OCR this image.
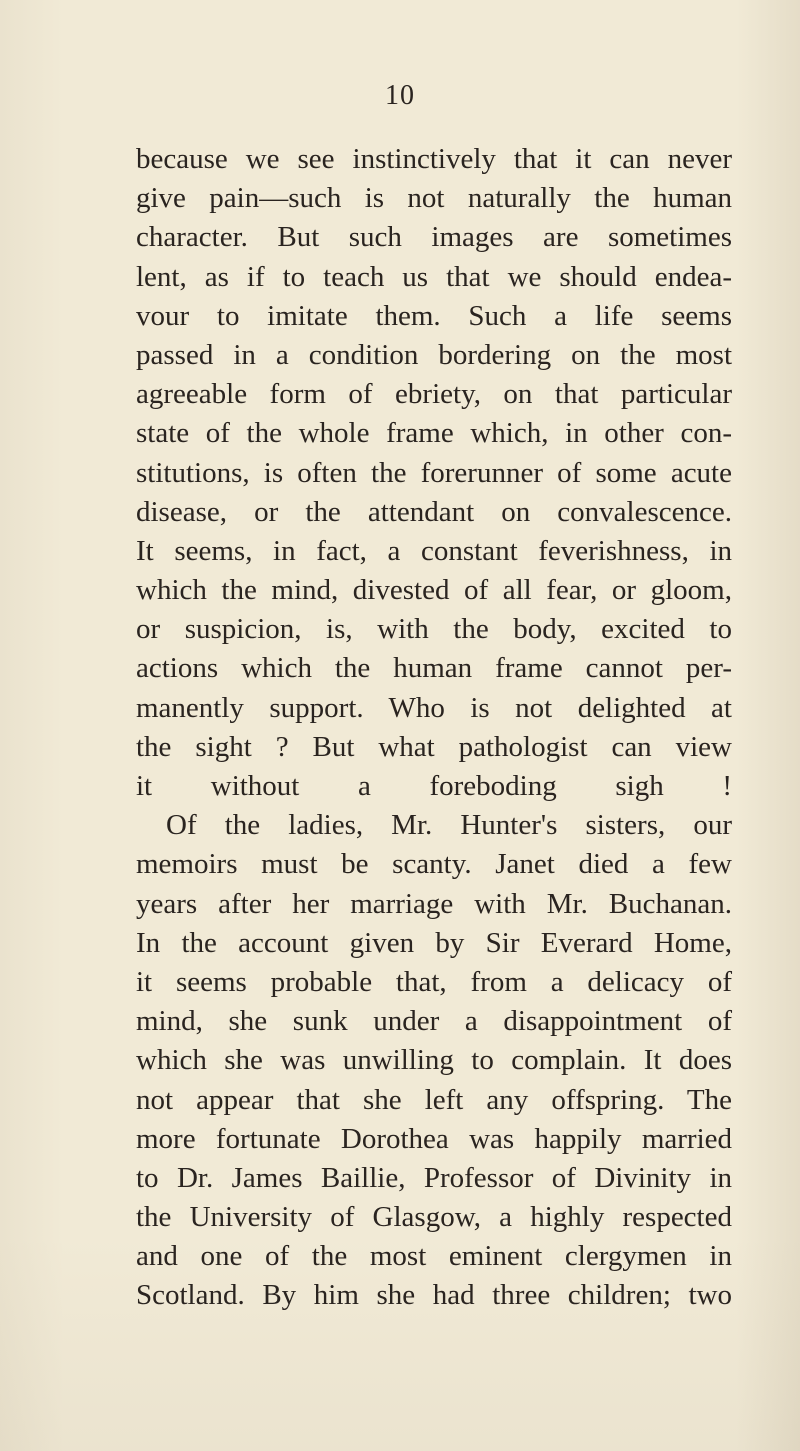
10
because we see instinctively that it can never
give pain—such is not naturally the human
character. But such images are sometimes
lent, as if to teach us that we should endea-
vour to imitate them. Such a life seems
passed in a condition bordering on the most
agreeable form of ebriety, on that particular
state of the whole frame which, in other con-
stitutions, is often the forerunner of some acute
disease, or the attendant on convalescence.
It seems, in fact, a constant feverishness, in
which the mind, divested of all fear, or gloom,
or suspicion, is, with the body, excited to
actions which the human frame cannot per-
manently support. Who is not delighted at
the sight ? But what pathologist can view
it without a foreboding sigh !
Of the ladies, Mr. Hunter's sisters, our
memoirs must be scanty. Janet died a few
years after her marriage with Mr. Buchanan.
In the account given by Sir Everard Home,
it seems probable that, from a delicacy of
mind, she sunk under a disappointment of
which she was unwilling to complain. It does
not appear that she left any offspring. The
more fortunate Dorothea was happily married
to Dr. James Baillie, Professor of Divinity in
the University of Glasgow, a highly respected
and one of the most eminent clergymen in
Scotland. By him she had three children; two
